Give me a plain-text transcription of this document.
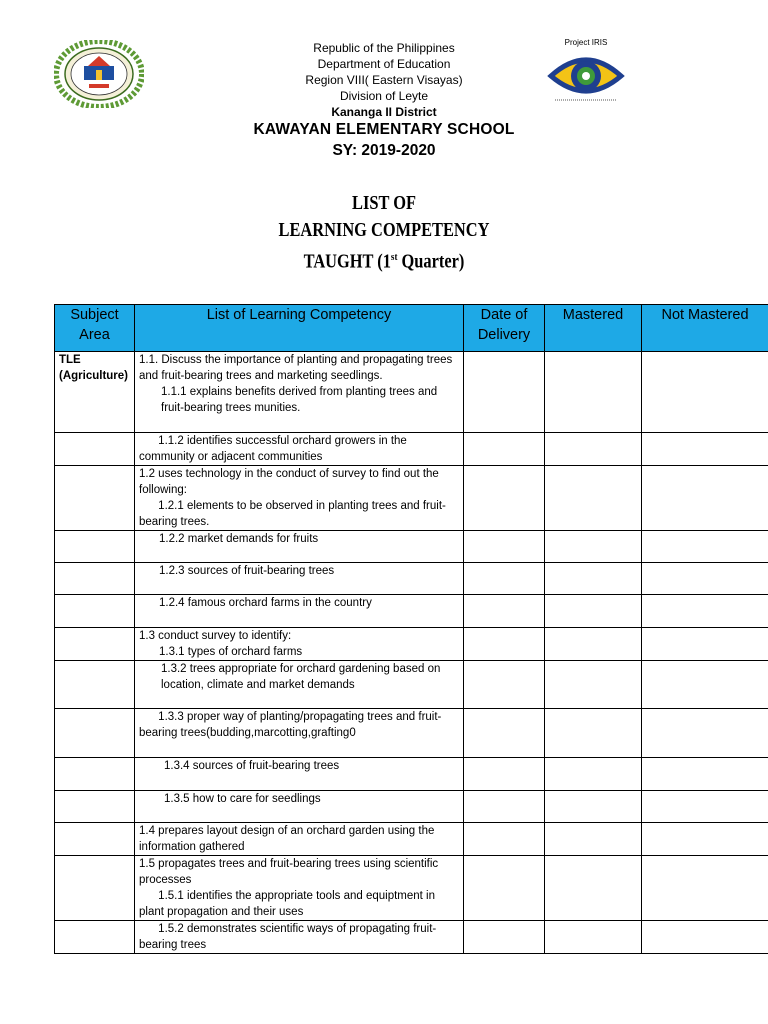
Project IRIS
Republic of the Philippines
Department of Education
Region VIII( Eastern Visayas)
Division of Leyte
Kananga II District
KAWAYAN ELEMENTARY SCHOOL
SY: 2019-2020
LIST OF
LEARNING COMPETENCY
TAUGHT (1st Quarter)
Subject Area	List of Learning Competency	Date of Delivery	Mastered	Not Mastered
TLE (Agriculture)	1.1. Discuss the importance of planting and propagating trees and fruit-bearing trees and marketing seedlings.
1.1.1 explains benefits derived from planting trees and fruit-bearing trees munities.			

	1.1.2 identifies successful orchard growers in the community or adjacent communities			
	1.2 uses technology in the conduct of survey to find out the following:
1.2.1 elements to be observed in planting trees and fruit-bearing trees.			

	1.2.2 market demands for fruits			

	1.2.3 sources of fruit-bearing trees			

	1.2.4 famous orchard farms in the country			

	1.3 conduct survey to identify:
1.3.1 types of orchard farms			

	1.3.2 trees appropriate for orchard gardening based on location, climate and market demands			

	1.3.3 proper way of planting/propagating trees and fruit-bearing trees(budding,marcotting,grafting0			

	1.3.4 sources of fruit-bearing trees			

	1.3.5 how to care for seedlings			

	1.4 prepares layout design of an orchard garden using the information gathered			
	1.5 propagates trees and fruit-bearing trees using scientific processes
1.5.1 identifies the appropriate tools and equiptment in plant propagation and their uses			

	1.5.2 demonstrates scientific ways of propagating fruit-bearing trees			
